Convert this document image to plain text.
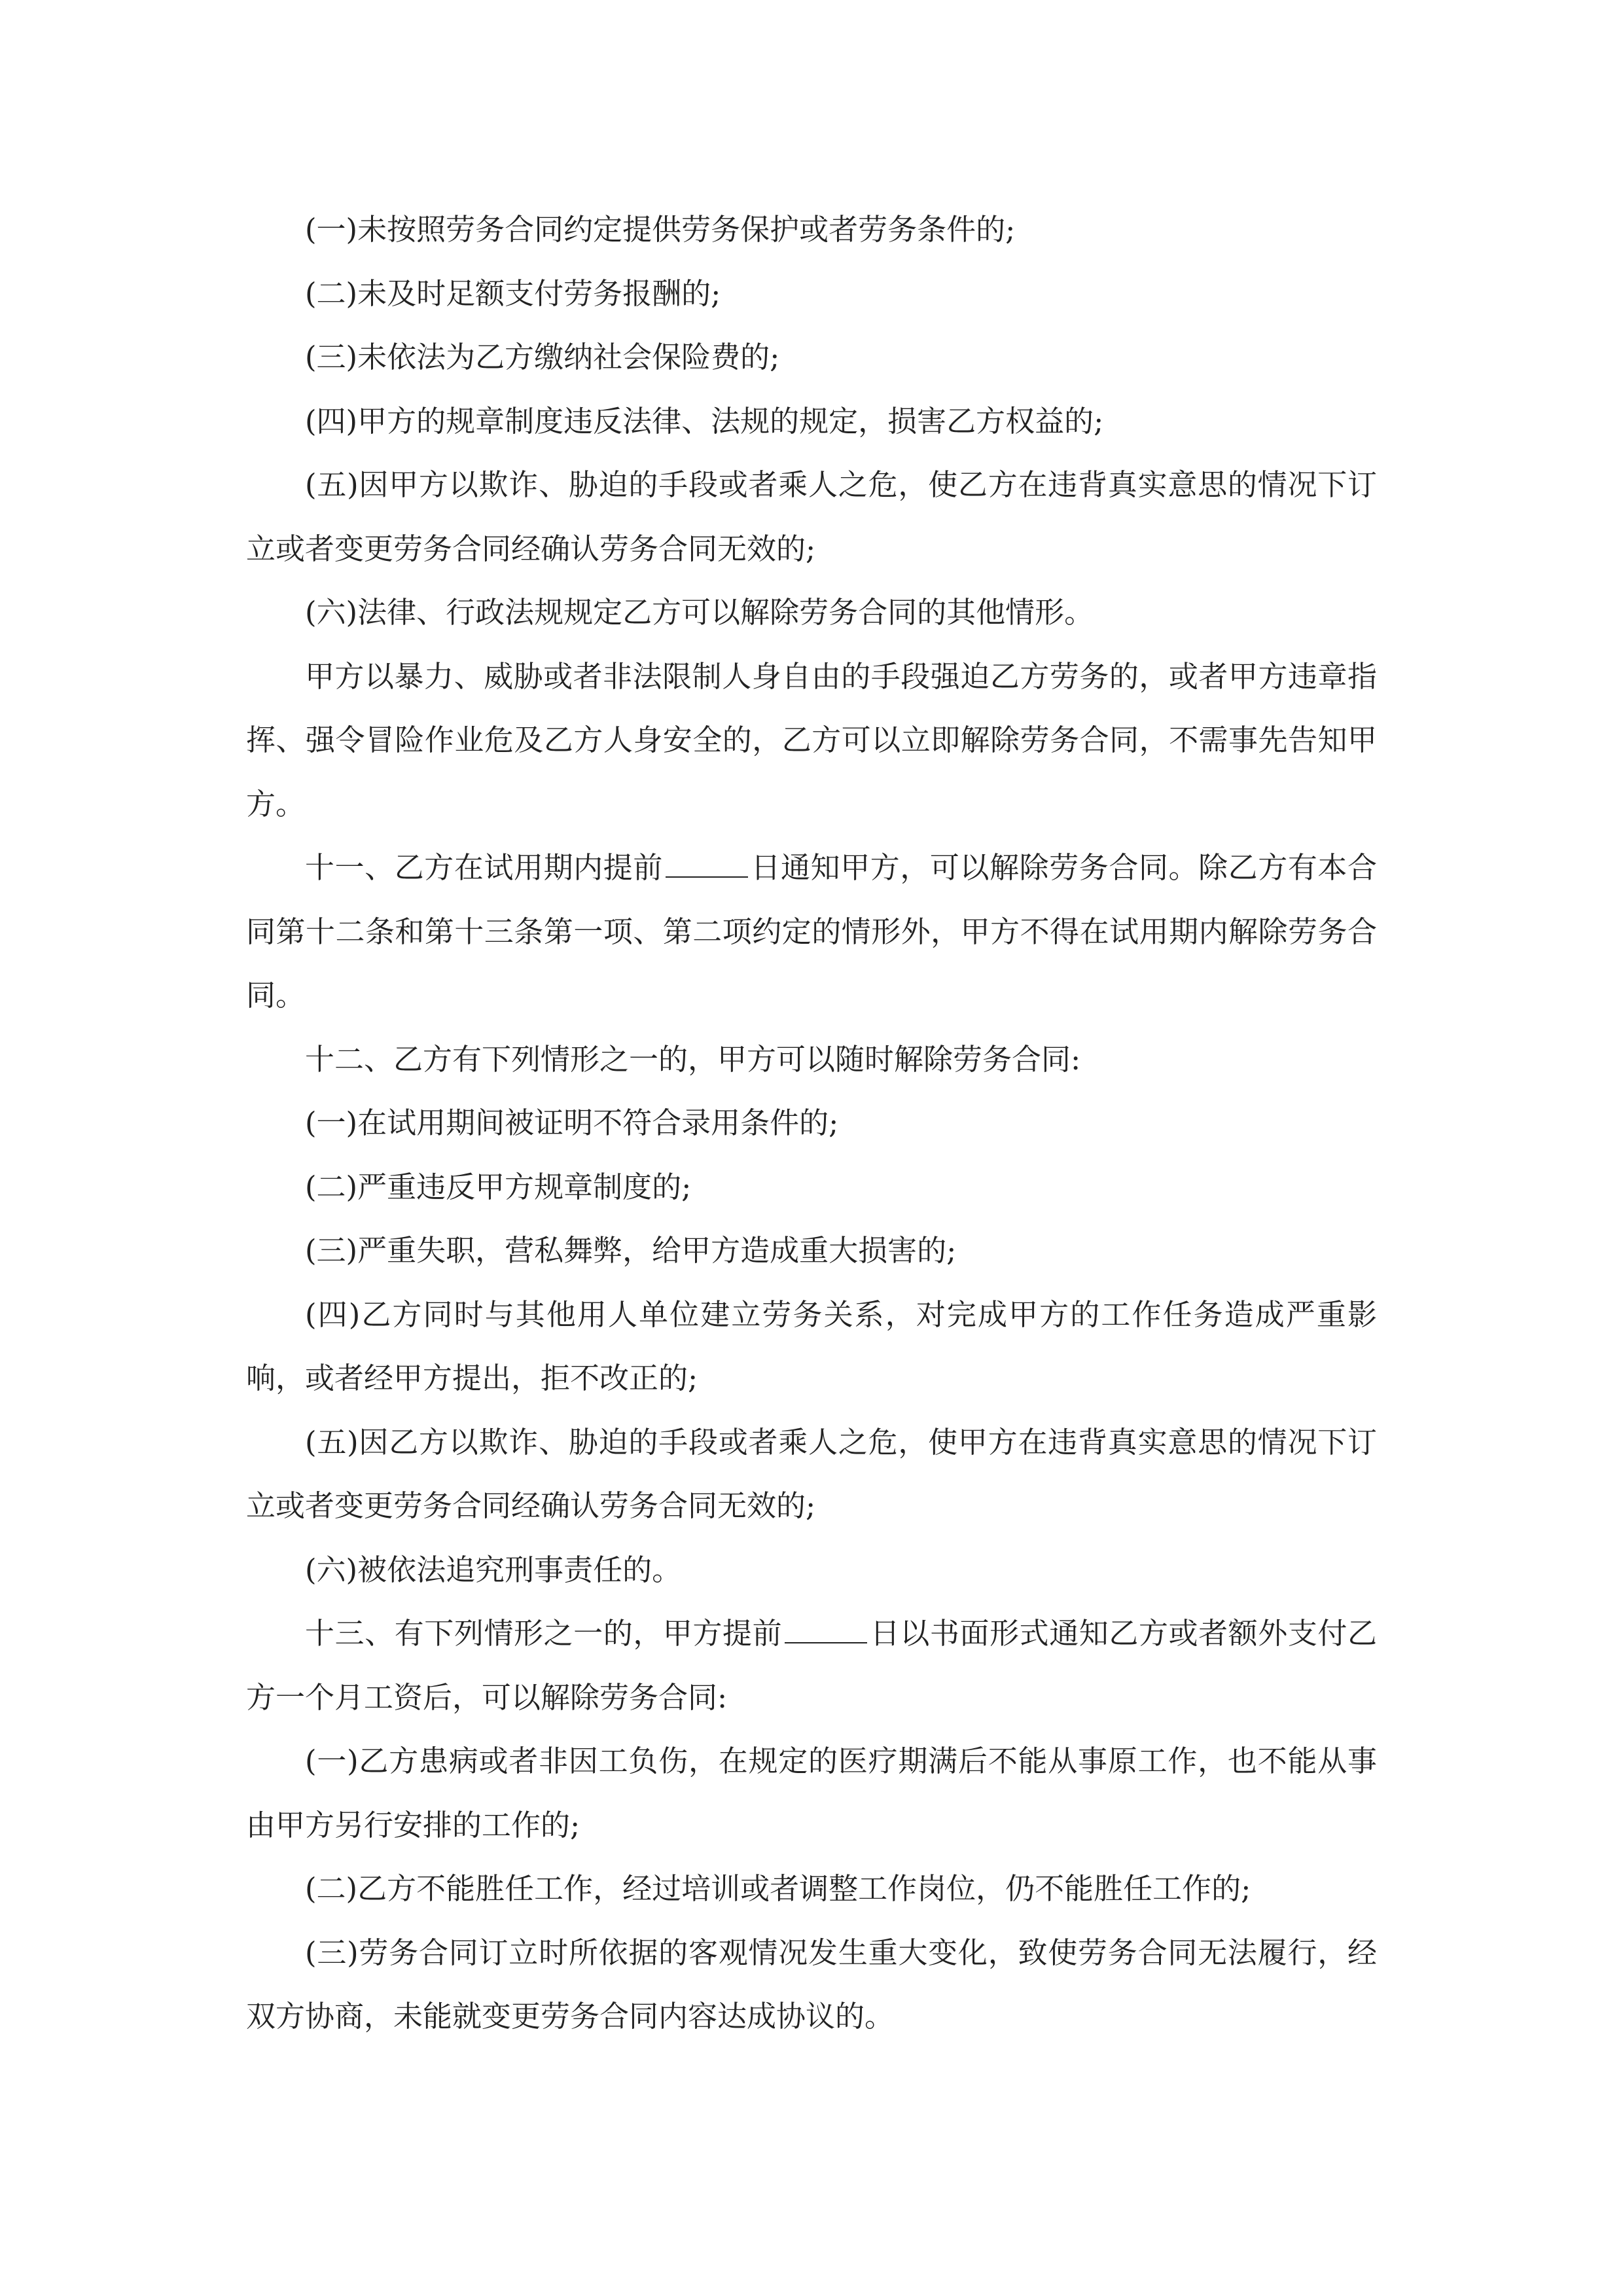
(一)未按照劳务合同约定提供劳务保护或者劳务条件的;

(二)未及时足额支付劳务报酬的;

(三)未依法为乙方缴纳社会保险费的;

(四)甲方的规章制度违反法律、法规的规定，损害乙方权益的;

(五)因甲方以欺诈、胁迫的手段或者乘人之危，使乙方在违背真实意思的情况下订立或者变更劳务合同经确认劳务合同无效的;

(六)法律、行政法规规定乙方可以解除劳务合同的其他情形。

甲方以暴力、威胁或者非法限制人身自由的手段强迫乙方劳务的，或者甲方违章指挥、强令冒险作业危及乙方人身安全的，乙方可以立即解除劳务合同，不需事先告知甲方。

十一、乙方在试用期内提前	日通知甲方，可以解除劳务合同。除乙方有本合同第十二条和第十三条第一项、第二项约定的情形外，甲方不得在试用期内解除劳务合同。

十二、乙方有下列情形之一的，甲方可以随时解除劳务合同:

(一)在试用期间被证明不符合录用条件的;

(二)严重违反甲方规章制度的;

(三)严重失职，营私舞弊，给甲方造成重大损害的;

(四)乙方同时与其他用人单位建立劳务关系，对完成甲方的工作任务造成严重影响，或者经甲方提出，拒不改正的;

(五)因乙方以欺诈、胁迫的手段或者乘人之危，使甲方在违背真实意思的情况下订立或者变更劳务合同经确认劳务合同无效的;

(六)被依法追究刑事责任的。

十三、有下列情形之一的，甲方提前	日以书面形式通知乙方或者额外支付乙方一个月工资后，可以解除劳务合同:

(一)乙方患病或者非因工负伤，在规定的医疗期满后不能从事原工作，也不能从事由甲方另行安排的工作的;

(二)乙方不能胜任工作，经过培训或者调整工作岗位，仍不能胜任工作的;

(三)劳务合同订立时所依据的客观情况发生重大变化，致使劳务合同无法履行，经双方协商，未能就变更劳务合同内容达成协议的。
